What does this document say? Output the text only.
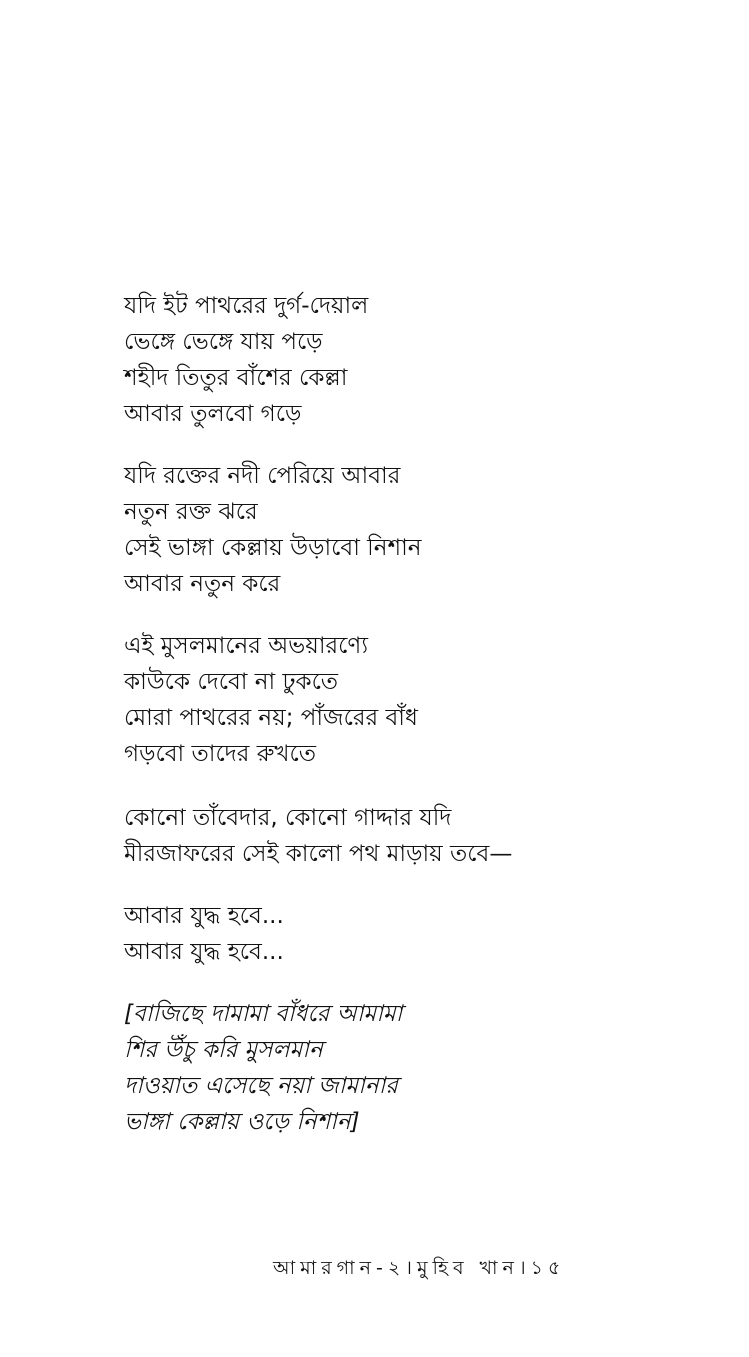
যদি ইট পাথরের দুর্গ-দেয়াল
ভেঙ্গে ভেঙ্গে যায় পড়ে
শহীদ তিতুর বাঁশের কেল্লা
আবার তুলবো গড়ে
যদি রক্তের নদী পেরিয়ে আবার
নতুন রক্ত ঝরে
সেই ভাঙ্গা কেল্লায় উড়াবো নিশান
আবার নতুন করে
এই মুসলমানের অভয়ারণ্যে
কাউকে দেবো না ঢুকতে
মোরা পাথরের নয়; পাঁজরের বাঁধ
গড়বো তাদের রুখতে
কোনো তাঁবেদার, কোনো গাদ্দার যদি
মীরজাফরের সেই কালো পথ মাড়ায় তবে—
আবার যুদ্ধ হবে...
আবার যুদ্ধ হবে...
[বাজিছে দামামা বাঁধরে আমামা
শির উঁচু করি মুসলমান
দাওয়াত এসেছে নয়া জামানার
ভাঙ্গা কেল্লায় ওড়ে নিশান]
আমারগান-২।মুহিব খান।১৫
